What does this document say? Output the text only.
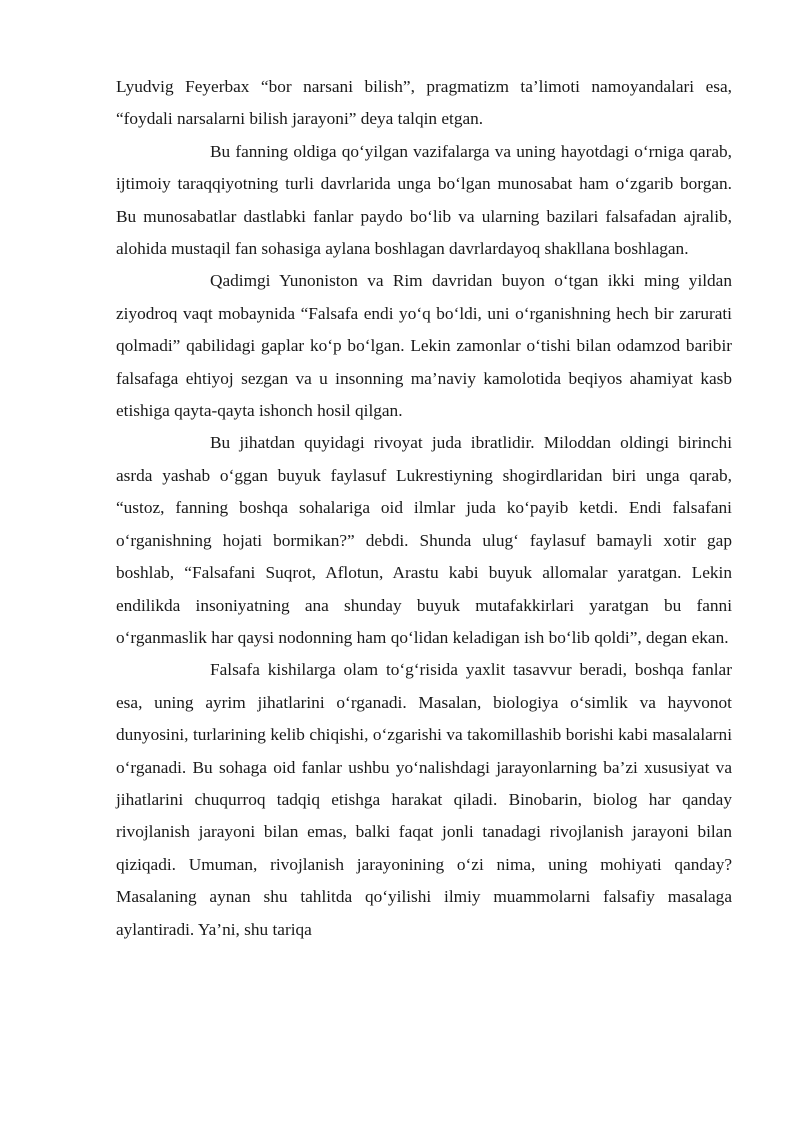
Lyudvig Feyerbax “bor narsani bilish”, pragmatizm ta’limoti namoyandalari esa, “foydali narsalarni bilish jarayoni” deya talqin etgan.

Bu fanning oldiga qo‘yilgan vazifalarga va uning hayotdagi o‘rniga qarab, ijtimoiy taraqqiyotning turli davrlarida unga bo‘lgan munosabat ham o‘zgarib borgan. Bu munosabatlar dastlabki fanlar paydo bo‘lib va ularning bazilari falsafadan ajralib, alohida mustaqil fan sohasiga aylana boshlagan davrlardayoq shakllana boshlagan.

Qadimgi Yunoniston va Rim davridan buyon o‘tgan ikki ming yildan ziyodroq vaqt mobaynida “Falsafa endi yo‘q bo‘ldi, uni o‘rganishning hech bir zarurati qolmadi” qabilidagi gaplar ko‘p bo‘lgan. Lekin zamonlar o‘tishi bilan odamzod baribir falsafaga ehtiyoj sezgan va u insonning ma’naviy kamolotida beqiyos ahamiyat kasb etishiga qayta-qayta ishonch hosil qilgan.

Bu jihatdan quyidagi rivoyat juda ibratlidir. Miloddan oldingi birinchi asrda yashab o‘ggan buyuk faylasuf Lukrestiyning shogirdlaridan biri unga qarab, “ustoz, fanning boshqa sohalariga oid ilmlar juda ko‘payib ketdi. Endi falsafani o‘rganishning hojati bormikan?” debdi. Shunda ulug‘ faylasuf bamayli xotir gap boshlab, “Falsafani Suqrot, Aflotun, Arastu kabi buyuk allomalar yaratgan. Lekin endilikda insoniyatning ana shunday buyuk mutafakkirlari yaratgan bu fanni o‘rganmaslik har qaysi nodonning ham qo‘lidan keladigan ish bo‘lib qoldi”, degan ekan.

Falsafa kishilarga olam to‘g‘risida yaxlit tasavvur beradi, boshqa fanlar esa, uning ayrim jihatlarini o‘rganadi. Masalan, biologiya o‘simlik va hayvonot dunyosini, turlarining kelib chiqishi, o‘zgarishi va takomillashib borishi kabi masalalarni o‘rganadi. Bu sohaga oid fanlar ushbu yo‘nalishdagi jarayonlarning ba’zi xususiyat va jihatlarini chuqurroq tadqiq etishga harakat qiladi. Binobarin, biolog har qanday rivojlanish jarayoni bilan emas, balki faqat jonli tanadagi rivojlanish jarayoni bilan qiziqadi. Umuman, rivojlanish jarayonining o‘zi nima, uning mohiyati qanday? Masalaning aynan shu tahlitda qo‘yilishi ilmiy muammolarni falsafiy masalaga aylantiradi. Ya’ni, shu tariqa
